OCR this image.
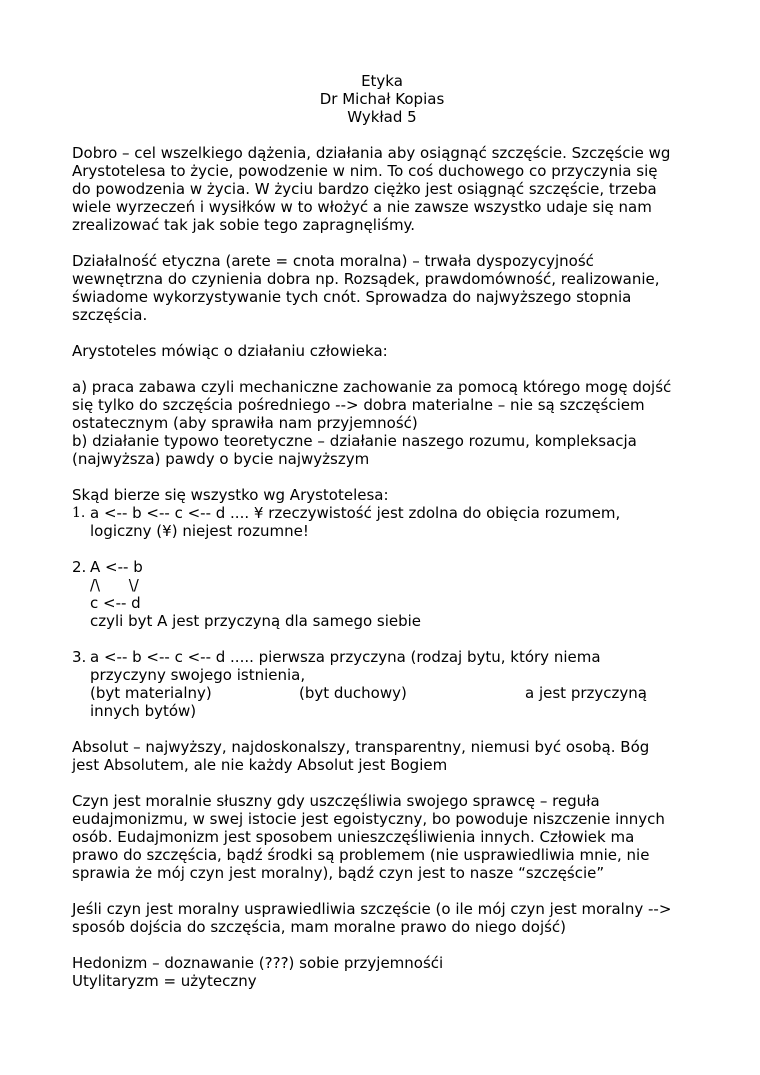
Etyka
Dr Michał Kopias
Wykład 5

Dobro – cel wszelkiego dążenia, działania aby osiągnąć szczęście. Szczęście wg
Arystotelesa to życie, powodzenie w nim. To coś duchowego co przyczynia się
do powodzenia w życia. W życiu bardzo ciężko jest osiągnąć szczęście, trzeba
wiele wyrzeczeń i wysiłków w to włożyć a nie zawsze wszystko udaje się nam
zrealizować tak jak sobie tego zapragnęliśmy.

Działalność etyczna (arete = cnota moralna) – trwała dyspozycyjność
wewnętrzna do czynienia dobra np. Rozsądek, prawdomówność, realizowanie,
świadome wykorzystywanie tych cnót. Sprowadza do najwyższego stopnia
szczęścia.

Arystoteles mówiąc o działaniu człowieka:

a) praca zabawa czyli mechaniczne zachowanie za pomocą którego mogę dojść
się tylko do szczęścia pośredniego --> dobra materialne – nie są szczęściem
ostatecznym (aby sprawiła nam przyjemność)
b) działanie typowo teoretyczne – działanie naszego rozumu, kompleksacja
(najwyższa) pawdy o bycie najwyższym

Skąd bierze się wszystko wg Arystotelesa:

1. a <-- b <-- c <-- d .... ¥ rzeczywistość jest zdolna do obięcia rozumem,
logiczny (¥) niejest rozumne!
2. A <-- b
/\      \/
c <-- d
czyli byt A jest przyczyną dla samego siebie
3. a <-- b <-- c <-- d ..... pierwsza przyczyna (rodzaj bytu, który niema
przyczyny swojego istnienia,
(byt materialny)	(byt duchowy)	a jest przyczyną
innych bytów)

Absolut – najwyższy, najdoskonalszy, transparentny, niemusi być osobą. Bóg
jest Absolutem, ale nie każdy Absolut jest Bogiem

Czyn jest moralnie słuszny gdy uszczęśliwia swojego sprawcę – reguła
eudajmonizmu, w swej istocie jest egoistyczny, bo powoduje niszczenie innych
osób. Eudajmonizm jest sposobem unieszczęśliwienia innych. Człowiek ma
prawo do szczęścia, bądź środki są problemem (nie usprawiedliwia mnie, nie
sprawia że mój czyn jest moralny), bądź czyn jest to nasze “szczęście”

Jeśli czyn jest moralny usprawiedliwia szczęście (o ile mój czyn jest moralny -->
sposób dojścia do szczęścia, mam moralne prawo do niego dojść)

Hedonizm – doznawanie (???) sobie przyjemnośći
Utylitaryzm = użyteczny
